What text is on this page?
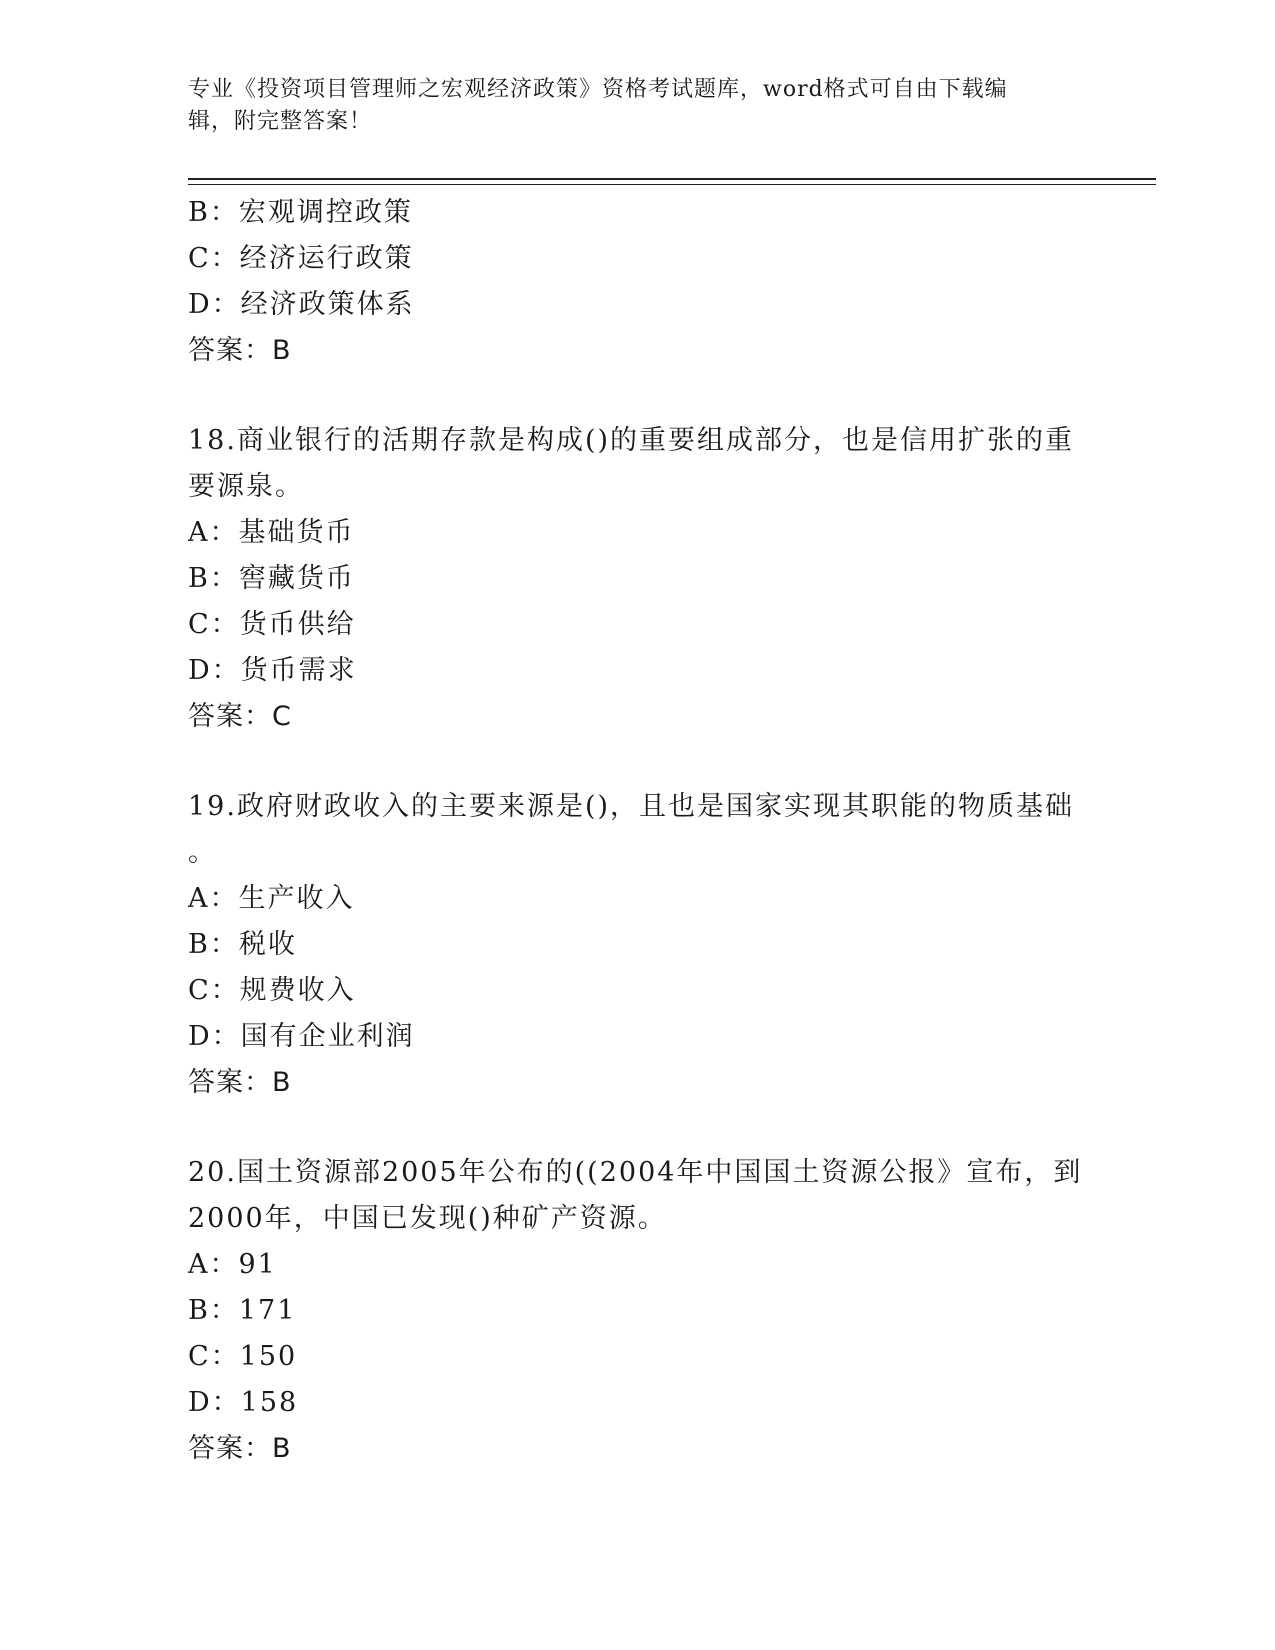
专业《投资项目管理师之宏观经济政策》资格考试题库，word格式可自由下载编
辑，附完整答案！
B：宏观调控政策
C：经济运行政策
D：经济政策体系
答案：B
18.商业银行的活期存款是构成()的重要组成部分，也是信用扩张的重
要源泉。
A：基础货币
B：窖藏货币
C：货币供给
D：货币需求
答案：C
19.政府财政收入的主要来源是()，且也是国家实现其职能的物质基础
。
A：生产收入
B：税收
C：规费收入
D：国有企业利润
答案：B
20.国土资源部2005年公布的((2004年中国国土资源公报》宣布，到
2000年，中国已发现()种矿产资源。
A：91
B：171
C：150
D：158
答案：B
